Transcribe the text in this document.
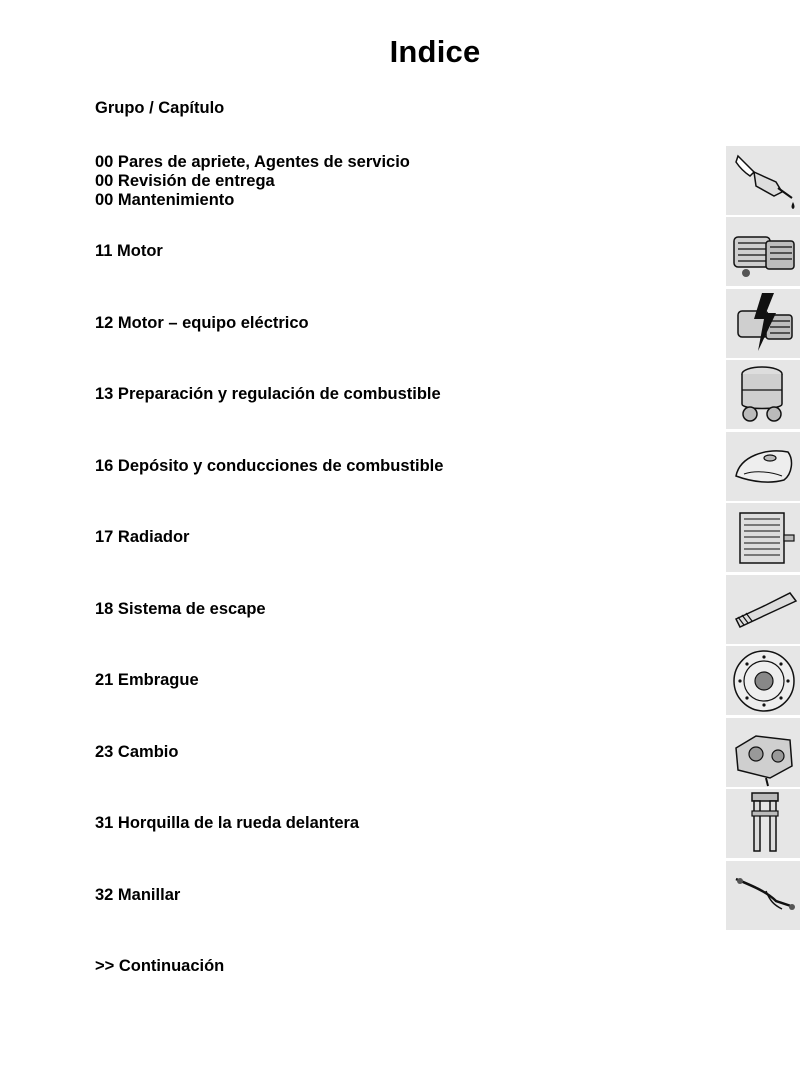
Indice
Grupo / Capítulo
00 Pares de apriete, Agentes de servicio
00 Revisión de entrega
00 Mantenimiento
11 Motor
12 Motor – equipo eléctrico
13 Preparación y regulación de combustible
16 Depósito y conducciones de combustible
17 Radiador
18 Sistema de escape
21 Embrague
23 Cambio
31 Horquilla de la rueda delantera
32 Manillar
>> Continuación
